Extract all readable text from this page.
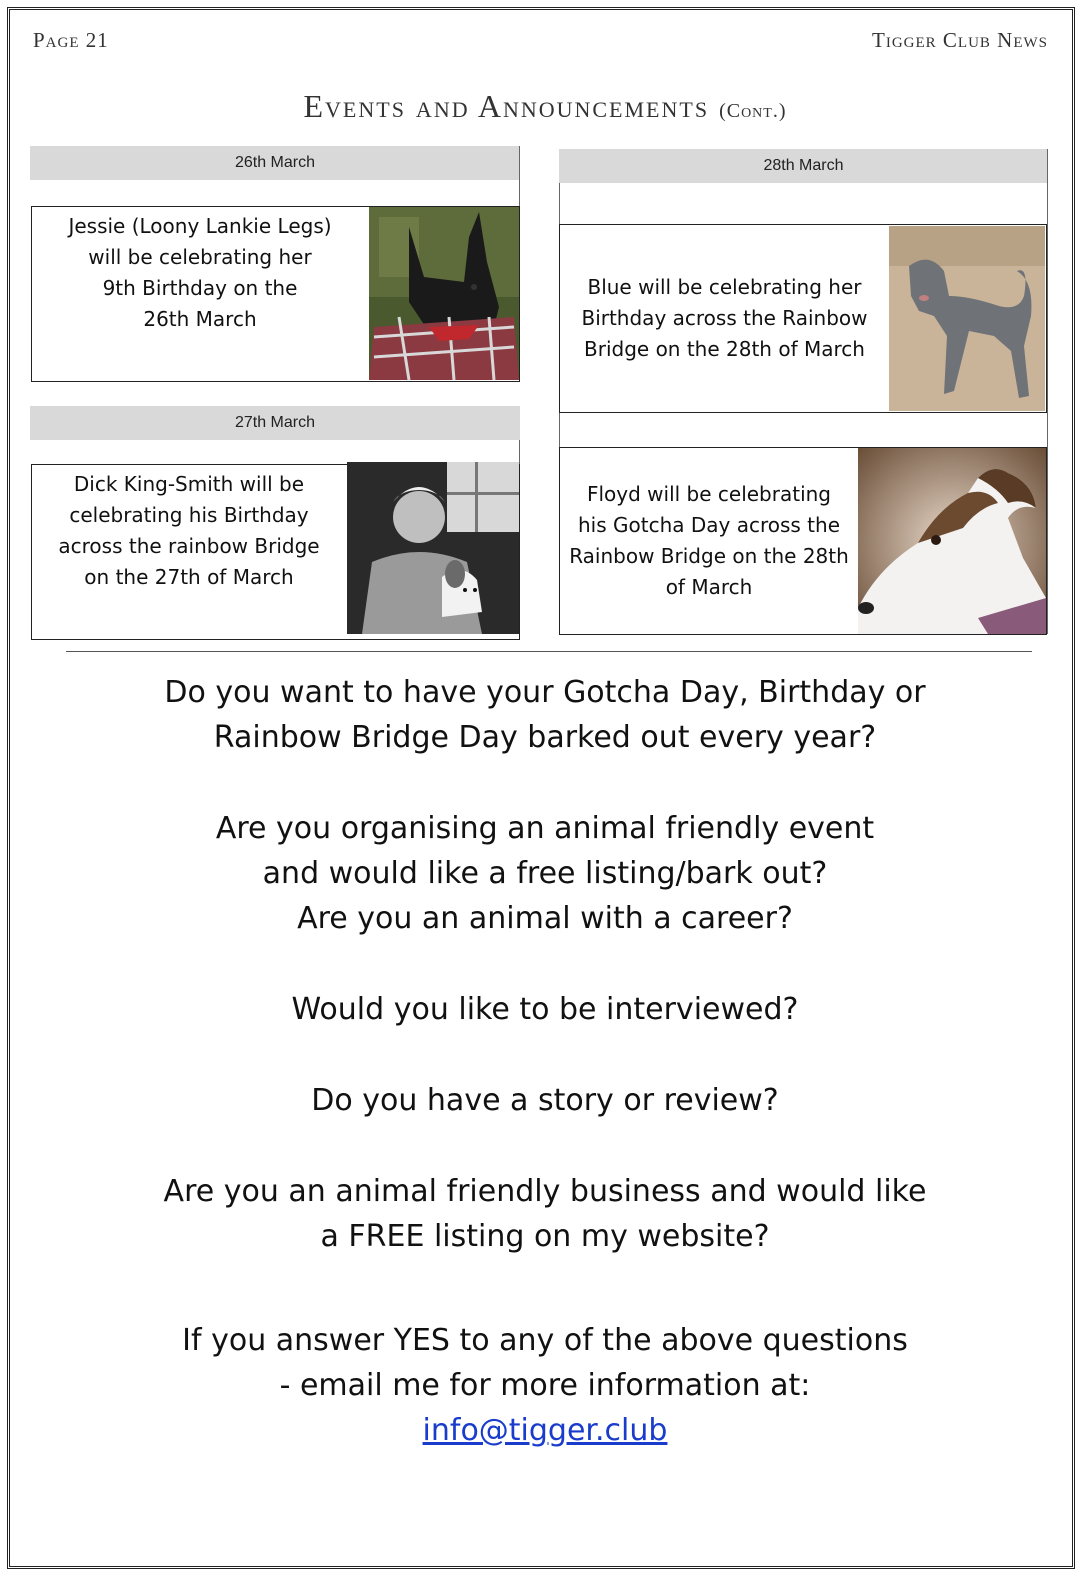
Page 21	Tigger Club News
Events and Announcements (Cont.)
26th March
Jessie (Loony Lankie Legs)
will be celebrating her
9th Birthday on the
26th March
27th March
Dick King-Smith will be
celebrating his Birthday
across the rainbow Bridge
on the 27th of March
28th March
Blue will be celebrating her
Birthday across the Rainbow
Bridge on the 28th of March
Floyd will be celebrating
his Gotcha Day across the
Rainbow Bridge on the 28th
of March
Do you want to have your Gotcha Day, Birthday or
Rainbow Bridge Day barked out every year?
Are you organising an animal friendly event
and would like a free listing/bark out?
Are you an animal with a career?
Would you like to be interviewed?
Do you have a story or review?
Are you an animal friendly business and would like
a FREE listing on my website?
If you answer YES to any of the above questions
- email me for more information at:
info@tigger.club
